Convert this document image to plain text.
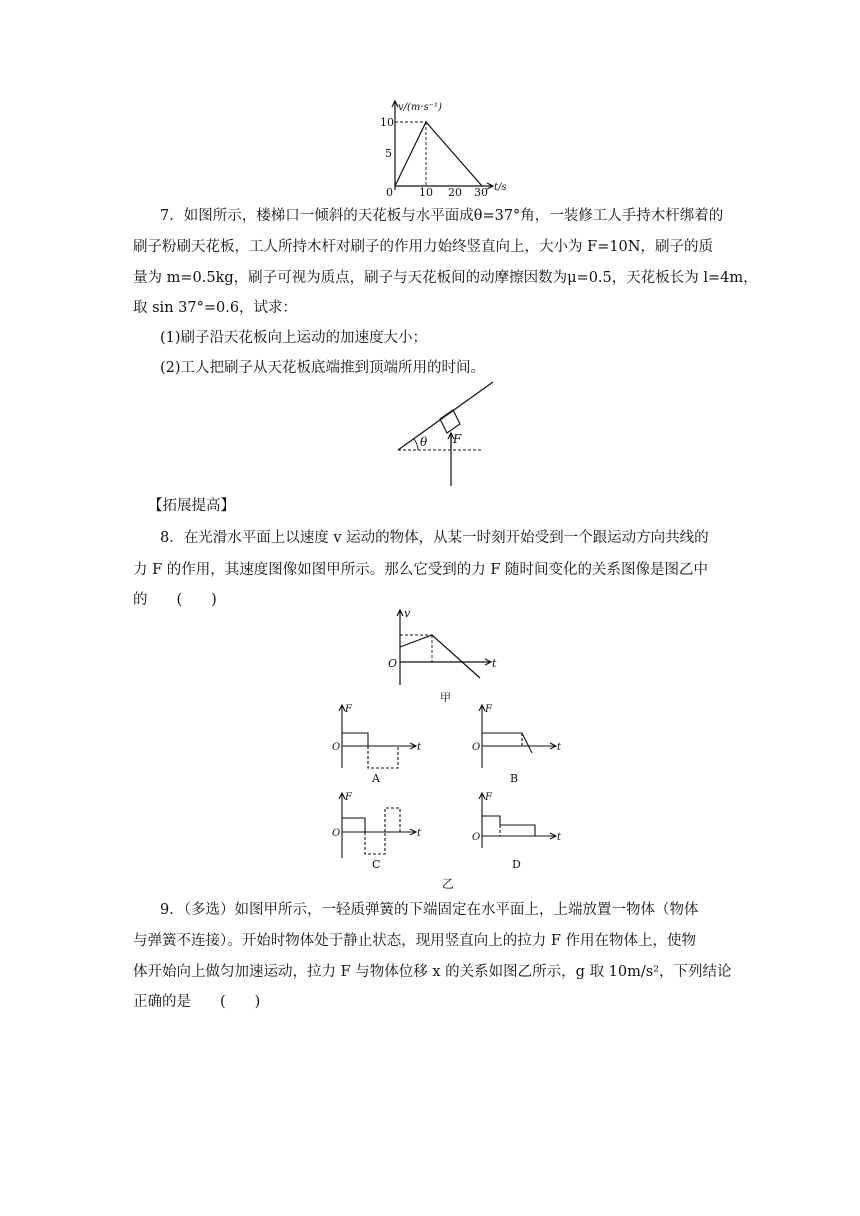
v/(m·s⁻¹)
10
5
0 10 20 30 t/s
7．如图所示，楼梯口一倾斜的天花板与水平面成θ=37°角，一装修工人手持木杆绑着的
刷子粉刷天花板，工人所持木杆对刷子的作用力始终竖直向上，大小为 F=10N，刷子的质
量为 m=0.5kg，刷子可视为质点，刷子与天花板间的动摩擦因数为μ=0.5，天花板长为 l=4m，
取 sin 37°=0.6，试求：
(1)刷子沿天花板向上运动的加速度大小；
(2)工人把刷子从天花板底端推到顶端所用的时间。
θ F
【拓展提高】
8．在光滑水平面上以速度 v 运动的物体，从某一时刻开始受到一个跟运动方向共线的
力 F 的作用，其速度图像如图甲所示。那么它受到的力 F 随时间变化的关系图像是图乙中
的　　(　　)
v
O	t
甲
F
O	t
A
F
O	t
B
F
O	t
C
F
O	t
D
乙
9．（多选）如图甲所示，一轻质弹簧的下端固定在水平面上，上端放置一物体（物体
与弹簧不连接）。开始时物体处于静止状态，现用竖直向上的拉力 F 作用在物体上，使物
体开始向上做匀加速运动，拉力 F 与物体位移 x 的关系如图乙所示，g 取 10m/s²，下列结论
正确的是　　(　　)
